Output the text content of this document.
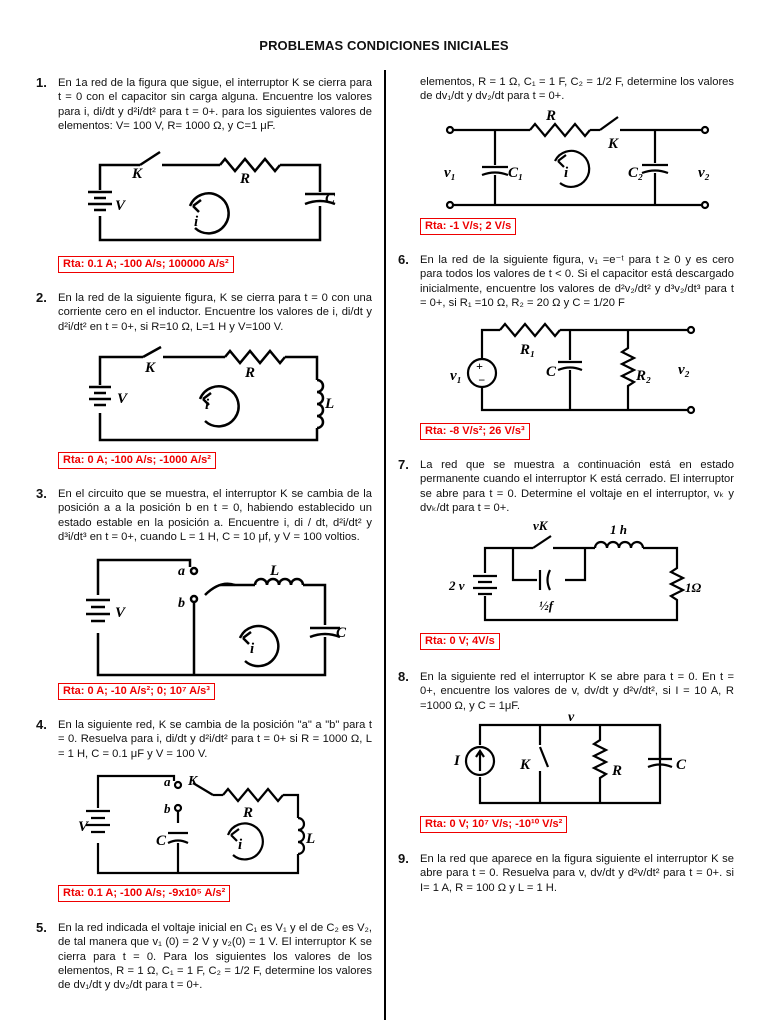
PROBLEMAS CONDICIONES INICIALES
1. En 1a red de la figura que sigue, el interruptor K se cierra para t = 0 con el capacitor sin carga alguna. Encuentre los valores para i, di/dt y d²i/dt² para t = 0+. para los siguientes valores de elementos: V= 100 V, R= 1000 Ω, y C=1 μF.
K	R
C
V
i
Rta: 0.1 A; -100 A/s; 100000 A/s²
2. En la red de la siguiente figura, K se cierra para t = 0 con una corriente cero en el inductor. Encuentre los valores de i, di/dt y d²i/dt² en t = 0+, si R=10 Ω, L=1 H y V=100 V.
K	R
L
V	i
Rta: 0 A; -100 A/s; -1000 A/s²
3. En el circuito que se muestra, el interruptor K se cambia de la posición a a la posición b en t = 0, habiendo establecido un estado estable en la posición a. Encuentre i, di / dt, d²i/dt² y d³i/dt³ en t = 0+, cuando L = 1 H, C = 10 μf, y V = 100 voltios.
a
b
L
C
V
i
Rta: 0 A; -10 A/s²; 0; 10⁷ A/s³
4. En la siguiente red, K se cambia de la posición "a" a "b" para t = 0. Resuelva para i, di/dt y d²i/dt² para t = 0+ si R = 1000 Ω, L = 1 H, C = 0.1 μF y V = 100 V.
a
b
K
R
L
C
V
i
Rta: 0.1 A; -100 A/s; -9x10⁵ A/s²
5. En la red indicada el voltaje inicial en C₁ es V₁ y el de C₂ es V₂, de tal manera que v₁ (0) = 2 V y v₂(0) = 1 V. El interruptor K se cierra para t = 0. Para los siguientes los valores de los elementos, R = 1 Ω, C₁ = 1 F, C₂ = 1/2 F, determine los valores de dv₁/dt y dv₂/dt para t = 0+.
elementos, R = 1 Ω, C₁ = 1 F, C₂ = 1/2 F, determine los valores de dv₁/dt y dv₂/dt para t = 0+.
R
K
C₁	C₂
v₁	v₂
i
Rta: -1 V/s; 2 V/s
6. En la red de la siguiente figura, v₁ =e⁻ᵗ para t ≥ 0 y es cero para todos los valores de t < 0. Si el capacitor está descargado inicialmente, encuentre los valores de d²v₂/dt² y d³v₂/dt³ para t = 0+, si R₁ =10 Ω, R₂ = 20 Ω y C = 1/20 F
+
−
R₁
R₂
C
v₁	v₂
Rta: -8 V/s²; 26 V/s³
7. La red que se muestra a continuación está en estado permanente cuando el interruptor K está cerrado. El interruptor se abre para t = 0. Determine el voltaje en el interruptor, vₖ y dvₖ/dt para t = 0+.
vK	1 h
1Ω
2 v
½f
Rta: 0 V; 4V/s
8. En la siguiente red el interruptor K se abre para t = 0. En t = 0+, encuentre los valores de v, dv/dt y d²v/dt², si I = 10 A, R =1000 Ω, y C = 1μF.
v
I	K	R	C
Rta: 0 V; 10⁷ V/s; -10¹⁰ V/s²
9. En la red que aparece en la figura siguiente el interruptor K se abre para t = 0. Resuelva para v, dv/dt y d²v/dt² para t = 0+. si I= 1 A, R = 100 Ω y L = 1 H.
